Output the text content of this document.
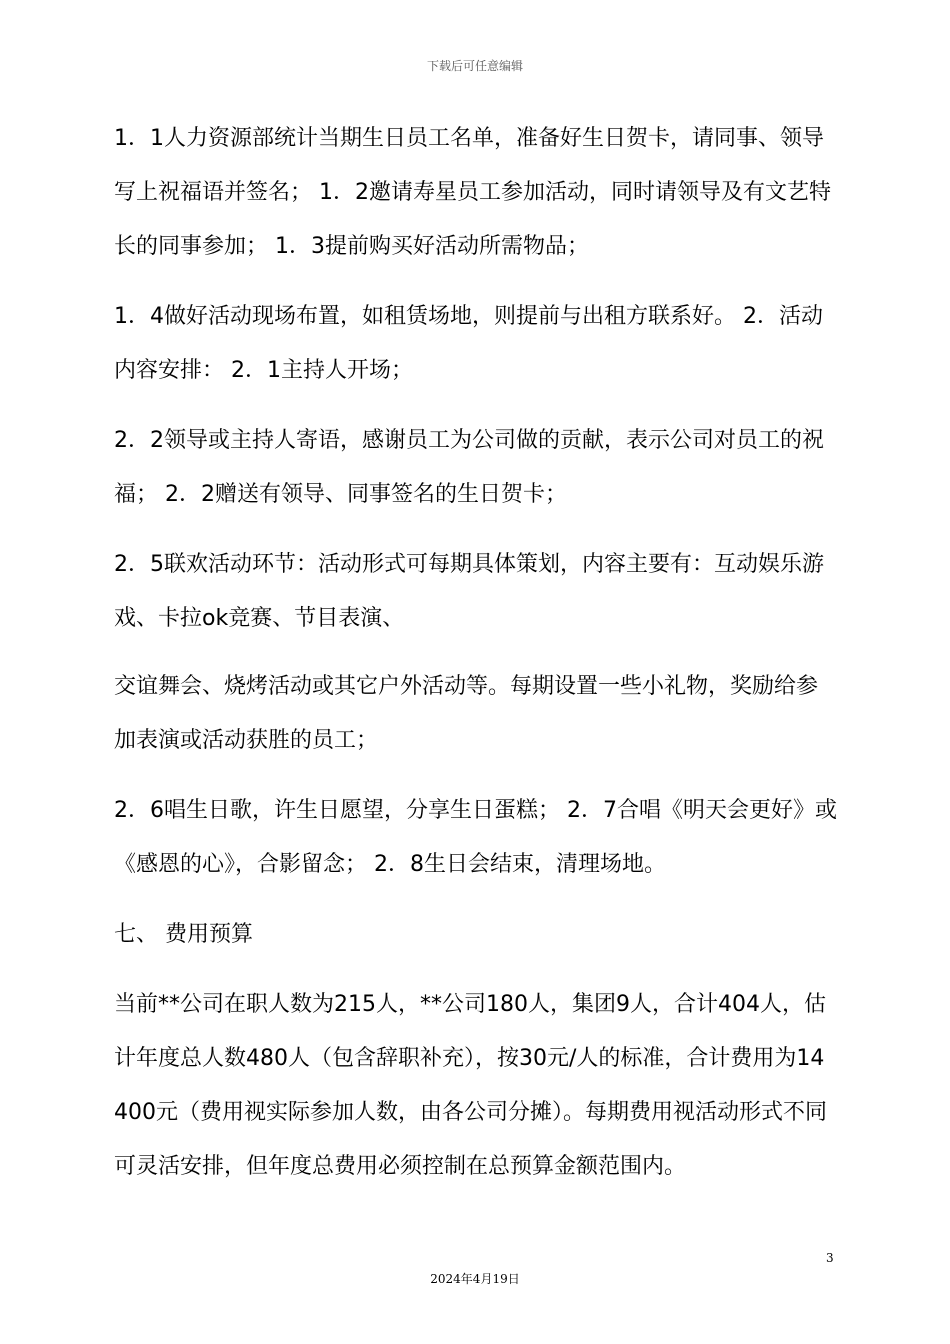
下载后可任意编辑

1．1人力资源部统计当期生日员工名单，准备好生日贺卡，请同事、领导写上祝福语并签名； 1．2邀请寿星员工参加活动，同时请领导及有文艺特长的同事参加； 1．3提前购买好活动所需物品；

1．4做好活动现场布置，如租赁场地，则提前与出租方联系好。 2．活动内容安排： 2．1主持人开场；

2．2领导或主持人寄语，感谢员工为公司做的贡献，表示公司对员工的祝福； 2．2赠送有领导、同事签名的生日贺卡；

2．5联欢活动环节：活动形式可每期具体策划，内容主要有：互动娱乐游戏、卡拉ok竞赛、节目表演、

交谊舞会、烧烤活动或其它户外活动等。每期设置一些小礼物，奖励给参加表演或活动获胜的员工；

2．6唱生日歌，许生日愿望，分享生日蛋糕； 2．7合唱《明天会更好》或《感恩的心》，合影留念； 2．8生日会结束，清理场地。

七、 费用预算

当前**公司在职人数为215人，**公司180人，集团9人，合计404人，估计年度总人数480人（包含辞职补充），按30元/人的标准，合计费用为14400元（费用视实际参加人数，由各公司分摊）。每期费用视活动形式不同可灵活安排，但年度总费用必须控制在总预算金额范围内。

3
2024年4月19日
